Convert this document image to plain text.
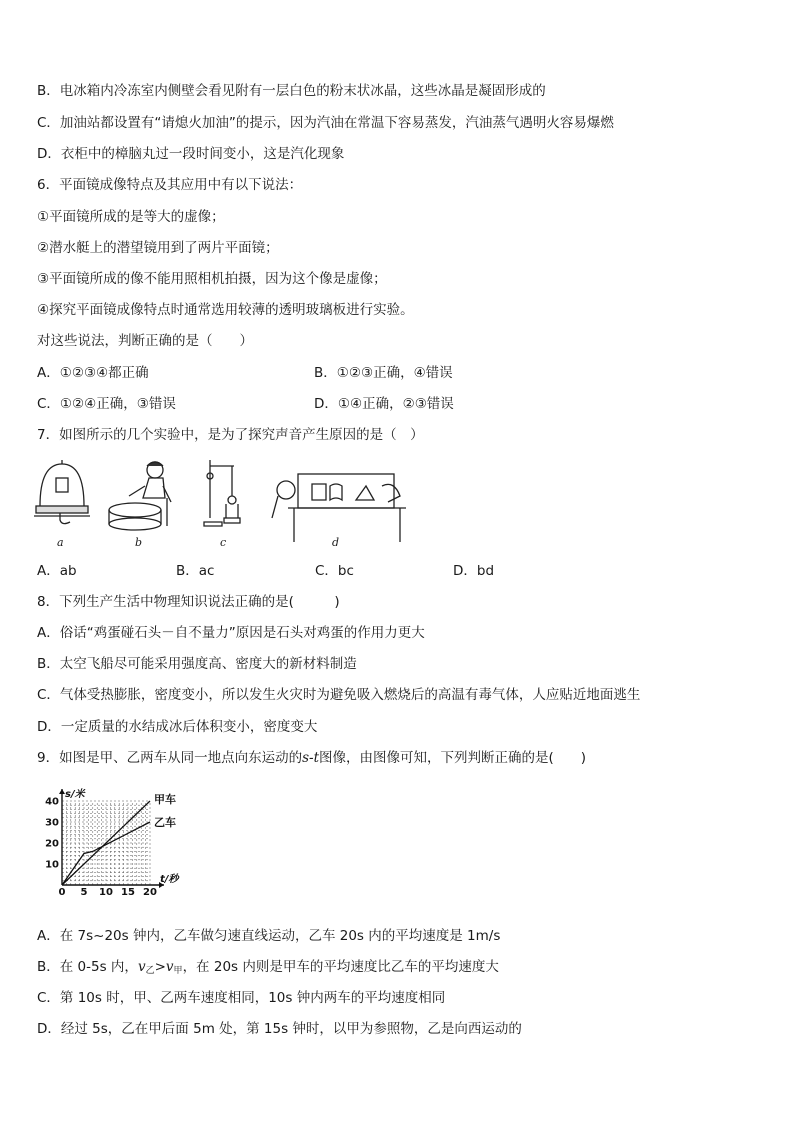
B．电冰箱内冷冻室内侧壁会看见附有一层白色的粉末状冰晶，这些冰晶是凝固形成的
C．加油站都设置有“请熄火加油”的提示，因为汽油在常温下容易蒸发，汽油蒸气遇明火容易爆燃
D．衣柜中的樟脑丸过一段时间变小，这是汽化现象
6．平面镜成像特点及其应用中有以下说法：
①平面镜所成的是等大的虚像；
②潜水艇上的潜望镜用到了两片平面镜；
③平面镜所成的像不能用照相机拍摄，因为这个像是虚像；
④探究平面镜成像特点时通常选用较薄的透明玻璃板进行实验。
对这些说法，判断正确的是（　　）
A．①②③④都正确	B．①②③正确，④错误
C．①②④正确，③错误	D．①④正确，②③错误
7．如图所示的几个实验中，是为了探究声音产生原因的是（　）
a	b	c	d
A．ab	B．ac	C．bc	D．bd
8．下列生产生活中物理知识说法正确的是(　　　)
A．俗话“鸡蛋碰石头－自不量力”原因是石头对鸡蛋的作用力更大
B．太空飞船尽可能采用强度高、密度大的新材料制造
C．气体受热膨胀，密度变小，所以发生火灾时为避免吸入燃烧后的高温有毒气体，人应贴近地面逃生
D．一定质量的水结成冰后体积变小，密度变大
9．如图是甲、乙两车从同一地点向东运动的s-t图像，由图像可知，下列判断正确的是(　　)
0 5 10 15 20
10
20
30
40
s/米
t/秒
甲车
乙车
A．在 7s~20s 钟内，乙车做匀速直线运动，乙车 20s 内的平均速度是 1m/s
B．在 0-5s 内，$v_乙>v_甲$，在 20s 内则是甲车的平均速度比乙车的平均速度大
C．第 10s 时，甲、乙两车速度相同，10s 钟内两车的平均速度相同
D．经过 5s，乙在甲后面 5m 处，第 15s 钟时，以甲为参照物，乙是向西运动的
